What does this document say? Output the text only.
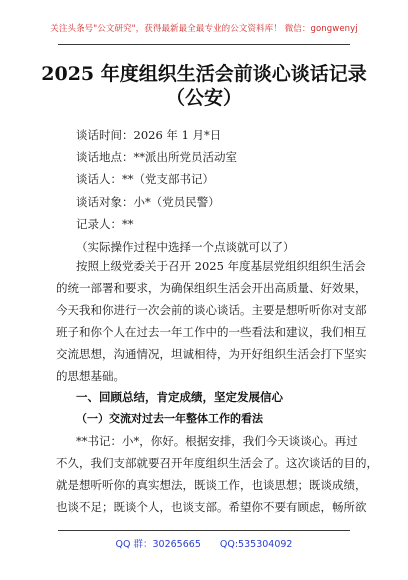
关注头条号"公文研究"，获得最新最全最专业的公文资料库！ 微信：gongwenyj
2025 年度组织生活会前谈心谈话记录
（公安）
谈话时间：2026 年 1 月*日
谈话地点：**派出所党员活动室
谈话人：**（党支部书记）
谈话对象：小*（党员民警）
记录人：**
（实际操作过程中选择一个点谈就可以了）
按照上级党委关于召开 2025 年度基层党组织组织生活会
的统一部署和要求，为确保组织生活会开出高质量、好效果，
今天我和你进行一次会前的谈心谈话。主要是想听听你对支部
班子和你个人在过去一年工作中的一些看法和建议，我们相互
交流思想，沟通情况，坦诚相待，为开好组织生活会打下坚实
的思想基础。
一、回顾总结，肯定成绩，坚定发展信心
（一）交流对过去一年整体工作的看法
**书记：小*，你好。根据安排，我们今天谈谈心。再过
不久，我们支部就要召开年度组织生活会了。这次谈话的目的，
就是想听听你的真实想法，既谈工作，也谈思想；既谈成绩，
也谈不足；既谈个人，也谈支部。希望你不要有顾虑，畅所欲
QQ 群：30265665 QQ:535304092
